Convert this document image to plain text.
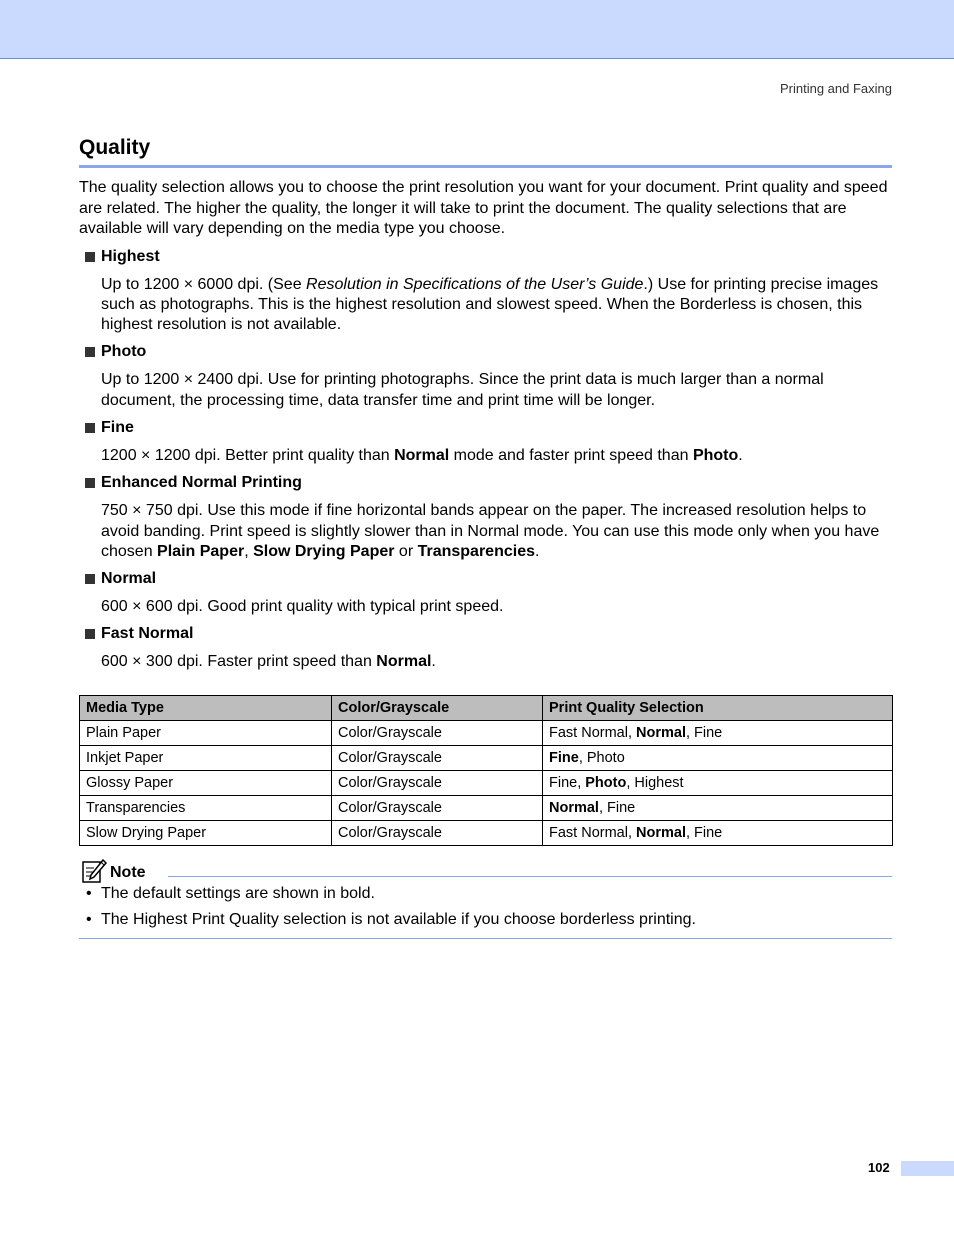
Printing and Faxing
Quality

The quality selection allows you to choose the print resolution you want for your document. Print quality and speed are related. The higher the quality, the longer it will take to print the document. The quality selections that are available will vary depending on the media type you choose.

Highest
Up to 1200 × 6000 dpi. (See Resolution in Specifications of the User’s Guide.) Use for printing precise images such as photographs. This is the highest resolution and slowest speed. When the Borderless is chosen, this highest resolution is not available.
Photo
Up to 1200 × 2400 dpi. Use for printing photographs. Since the print data is much larger than a normal document, the processing time, data transfer time and print time will be longer.
Fine
1200 × 1200 dpi. Better print quality than Normal mode and faster print speed than Photo.
Enhanced Normal Printing
750 × 750 dpi. Use this mode if fine horizontal bands appear on the paper. The increased resolution helps to avoid banding. Print speed is slightly slower than in Normal mode. You can use this mode only when you have chosen Plain Paper, Slow Drying Paper or Transparencies.
Normal
600 × 600 dpi. Good print quality with typical print speed.
Fast Normal
600 × 300 dpi. Faster print speed than Normal.
Media Type	Color/Grayscale	Print Quality Selection
Plain Paper	Color/Grayscale	Fast Normal, Normal, Fine
Inkjet Paper	Color/Grayscale	Fine, Photo
Glossy Paper	Color/Grayscale	Fine, Photo, Highest
Transparencies	Color/Grayscale	Normal, Fine
Slow Drying Paper	Color/Grayscale	Fast Normal, Normal, Fine
Note
• The default settings are shown in bold.
• The Highest Print Quality selection is not available if you choose borderless printing.
102
